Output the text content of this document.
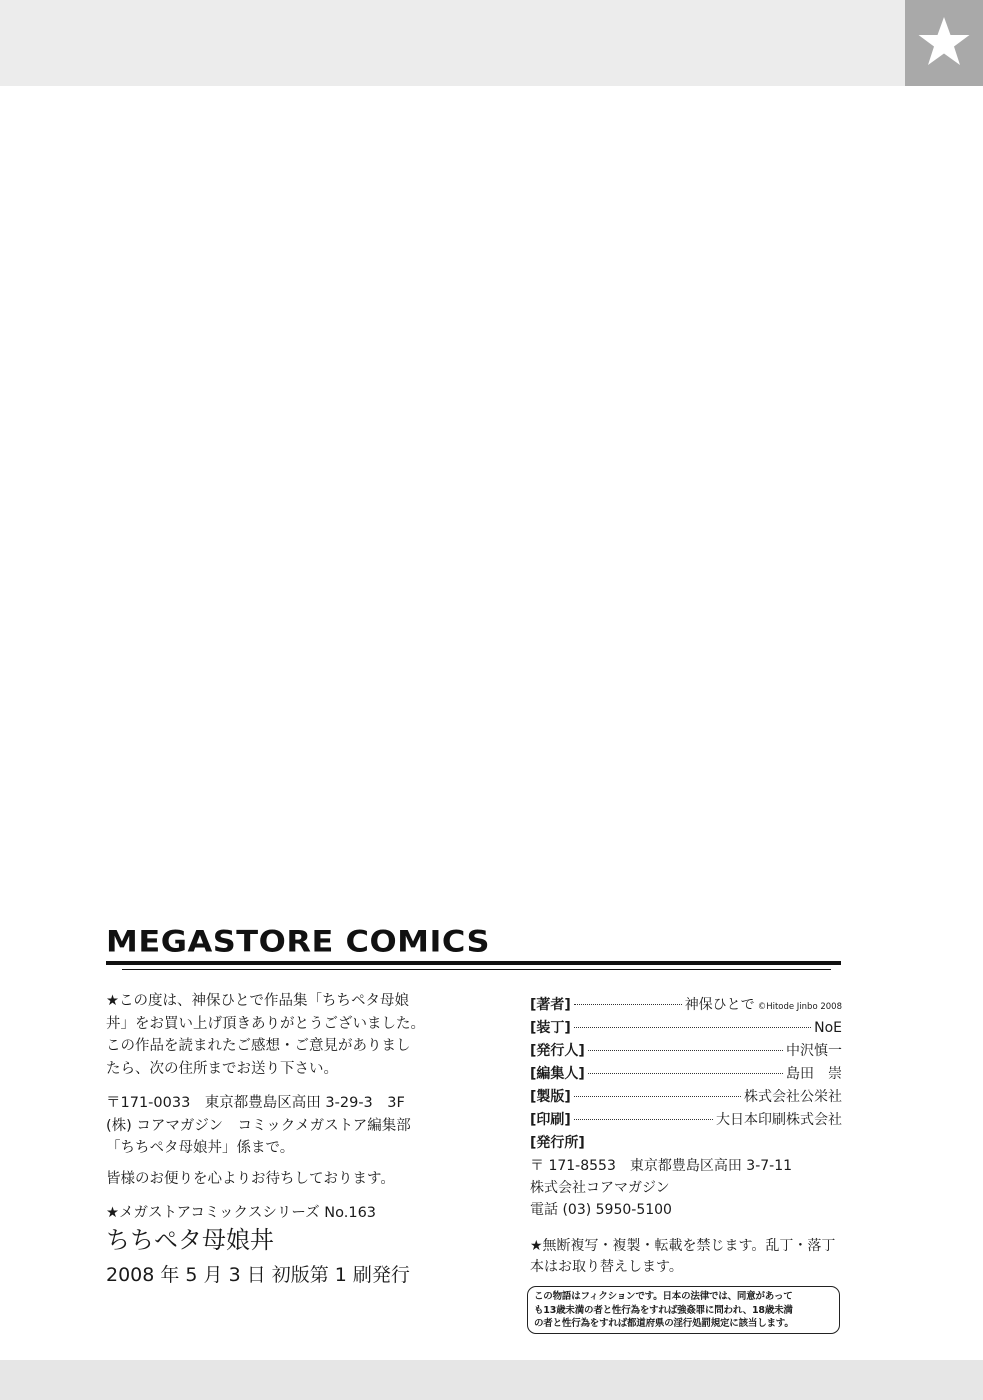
MEGASTORE COMICS

★この度は、神保ひとで作品集「ちちペタ母娘

丼」をお買い上げ頂きありがとうございました。

この作品を読まれたご感想・ご意見がありまし

たら、次の住所までお送り下さい。

〒171-0033　東京都豊島区高田 3-29-3　3F

(株) コアマガジン　コミックメガストア編集部

「ちちペタ母娘丼」係まで。

皆様のお便りを心よりお待ちしております。

★メガストアコミックスシリーズ No.163

ちちペタ母娘丼

2008 年 5 月 3 日 初版第 1 刷発行

[著者]	神保ひとで ©Hitode Jinbo 2008
[装丁]	NoE
[発行人]	中沢慎一
[編集人]	島田　崇
[製版]	株式会社公栄社
[印刷]	大日本印刷株式会社
[発行所]

〒 171-8553　東京都豊島区高田 3-7-11

株式会社コアマガジン

電話 (03) 5950-5100

★無断複写・複製・転載を禁じます。乱丁・落丁

本はお取り替えします。

この物語はフィクションです。日本の法律では、同意があって

も13歳未満の者と性行為をすれば強姦罪に問われ、18歳未満

の者と性行為をすれば都道府県の淫行処罰規定に該当します。
